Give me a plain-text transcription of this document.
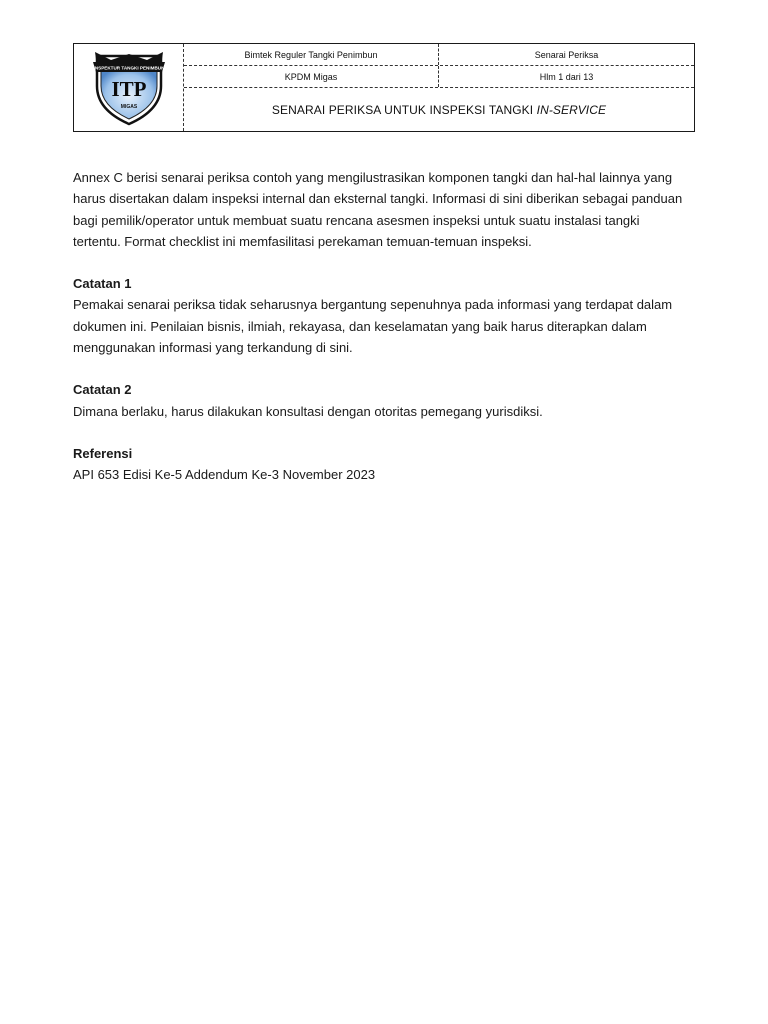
INSPEKTUR TANGKI PENIMBUN
ITP
MIGAS
Bimtek Reguler Tangki Penimbun	Senarai Periksa
KPDM Migas	Hlm 1 dari 13
SENARAI PERIKSA UNTUK INSPEKSI TANGKI IN-SERVICE

Annex C berisi senarai periksa contoh yang mengilustrasikan komponen tangki dan hal-hal lainnya yang harus disertakan dalam inspeksi internal dan eksternal tangki. Informasi di sini diberikan sebagai panduan bagi pemilik/operator untuk membuat suatu rencana asesmen inspeksi untuk suatu instalasi tangki tertentu. Format checklist ini memfasilitasi perekaman temuan-temuan inspeksi.

Catatan 1

Pemakai senarai periksa tidak seharusnya bergantung sepenuhnya pada informasi yang terdapat dalam dokumen ini. Penilaian bisnis, ilmiah, rekayasa, dan keselamatan yang baik harus diterapkan dalam menggunakan informasi yang terkandung di sini.

Catatan 2

Dimana berlaku, harus dilakukan konsultasi dengan otoritas pemegang yurisdiksi.

Referensi

API 653 Edisi Ke-5 Addendum Ke-3 November 2023
